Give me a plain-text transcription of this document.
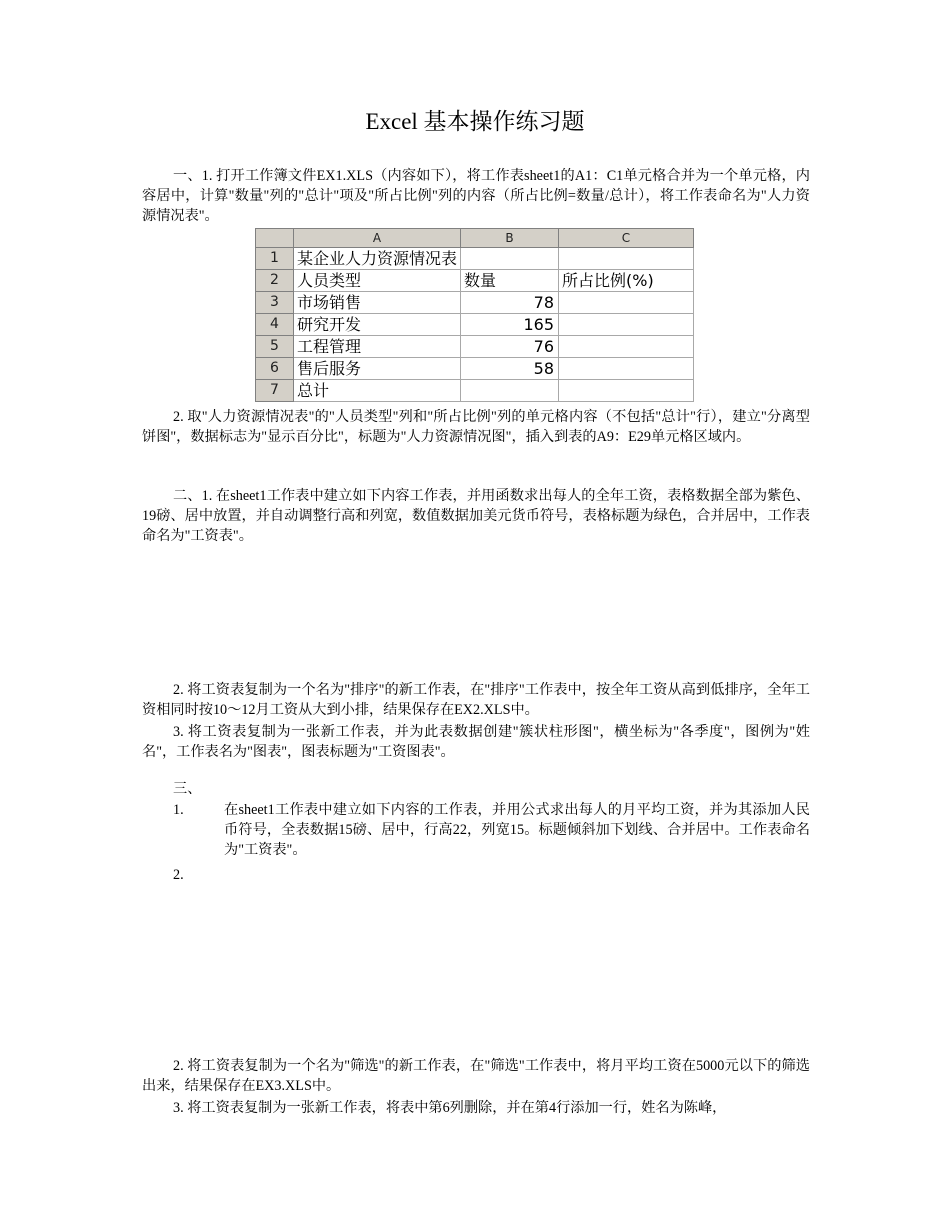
Excel 基本操作练习题

一、1. 打开工作簿文件EX1.XLS（内容如下），将工作表sheet1的A1：C1单元格合并为一个单元格，内容居中，计算"数量"列的"总计"项及"所占比例"列的内容（所占比例=数量/总计），将工作表命名为"人力资源情况表"。

	A	B	C
1	某企业人力资源情况表		
2	人员类型	数量	所占比例(%)
3	市场销售	78	
4	研究开发	165	
5	工程管理	76	
6	售后服务	58	
7	总计		

2. 取"人力资源情况表"的"人员类型"列和"所占比例"列的单元格内容（不包括"总计"行），建立"分离型饼图"，数据标志为"显示百分比"，标题为"人力资源情况图"，插入到表的A9：E29单元格区域内。

二、1. 在sheet1工作表中建立如下内容工作表，并用函数求出每人的全年工资，表格数据全部为紫色、19磅、居中放置，并自动调整行高和列宽，数值数据加美元货币符号，表格标题为绿色，合并居中，工作表命名为"工资表"。

2. 将工资表复制为一个名为"排序"的新工作表，在"排序"工作表中，按全年工资从高到低排序，全年工资相同时按10～12月工资从大到小排，结果保存在EX2.XLS中。

3. 将工资表复制为一张新工作表，并为此表数据创建"簇状柱形图"，横坐标为"各季度"，图例为"姓名"，工作表名为"图表"，图表标题为"工资图表"。

三、
1.	在sheet1工作表中建立如下内容的工作表，并用公式求出每人的月平均工资，并为其添加人民币符号，全表数据15磅、居中，行高22，列宽15。标题倾斜加下划线、合并居中。工作表命名为"工资表"。

2.

2. 将工资表复制为一个名为"筛选"的新工作表，在"筛选"工作表中，将月平均工资在5000元以下的筛选出来，结果保存在EX3.XLS中。

3. 将工资表复制为一张新工作表，将表中第6列删除，并在第4行添加一行，姓名为陈峰，
